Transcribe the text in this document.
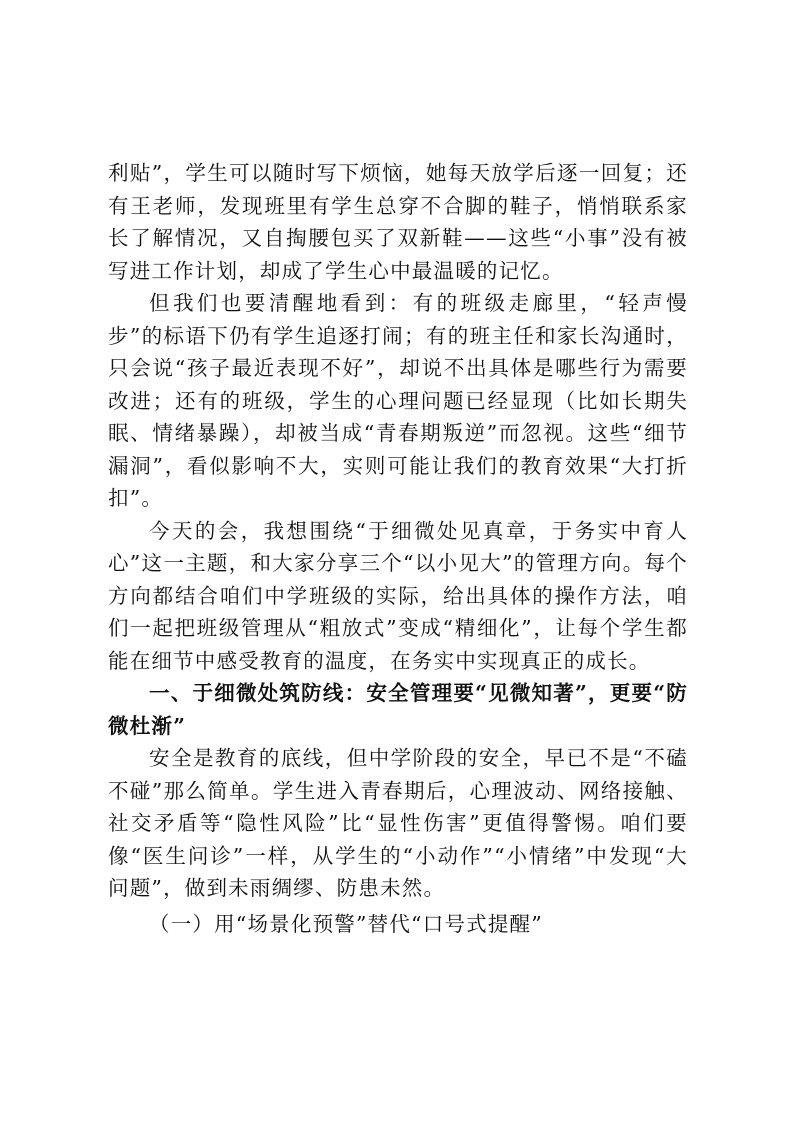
利贴”，学生可以随时写下烦恼，她每天放学后逐一回复；还有王老师，发现班里有学生总穿不合脚的鞋子，悄悄联系家长了解情况，又自掏腰包买了双新鞋——这些“小事”没有被写进工作计划，却成了学生心中最温暖的记忆。

但我们也要清醒地看到：有的班级走廊里，“轻声慢步”的标语下仍有学生追逐打闹；有的班主任和家长沟通时，只会说“孩子最近表现不好”，却说不出具体是哪些行为需要改进；还有的班级，学生的心理问题已经显现（比如长期失眠、情绪暴躁），却被当成“青春期叛逆”而忽视。这些“细节漏洞”，看似影响不大，实则可能让我们的教育效果“大打折扣”。

今天的会，我想围绕“于细微处见真章，于务实中育人心”这一主题，和大家分享三个“以小见大”的管理方向。每个方向都结合咱们中学班级的实际，给出具体的操作方法，咱们一起把班级管理从“粗放式”变成“精细化”，让每个学生都能在细节中感受教育的温度，在务实中实现真正的成长。

一、于细微处筑防线：安全管理要“见微知著”，更要“防微杜渐”

安全是教育的底线，但中学阶段的安全，早已不是“不磕不碰”那么简单。学生进入青春期后，心理波动、网络接触、社交矛盾等“隐性风险”比“显性伤害”更值得警惕。咱们要像“医生问诊”一样，从学生的“小动作”“小情绪”中发现“大问题”，做到未雨绸缪、防患未然。

（一）用“场景化预警”替代“口号式提醒”
